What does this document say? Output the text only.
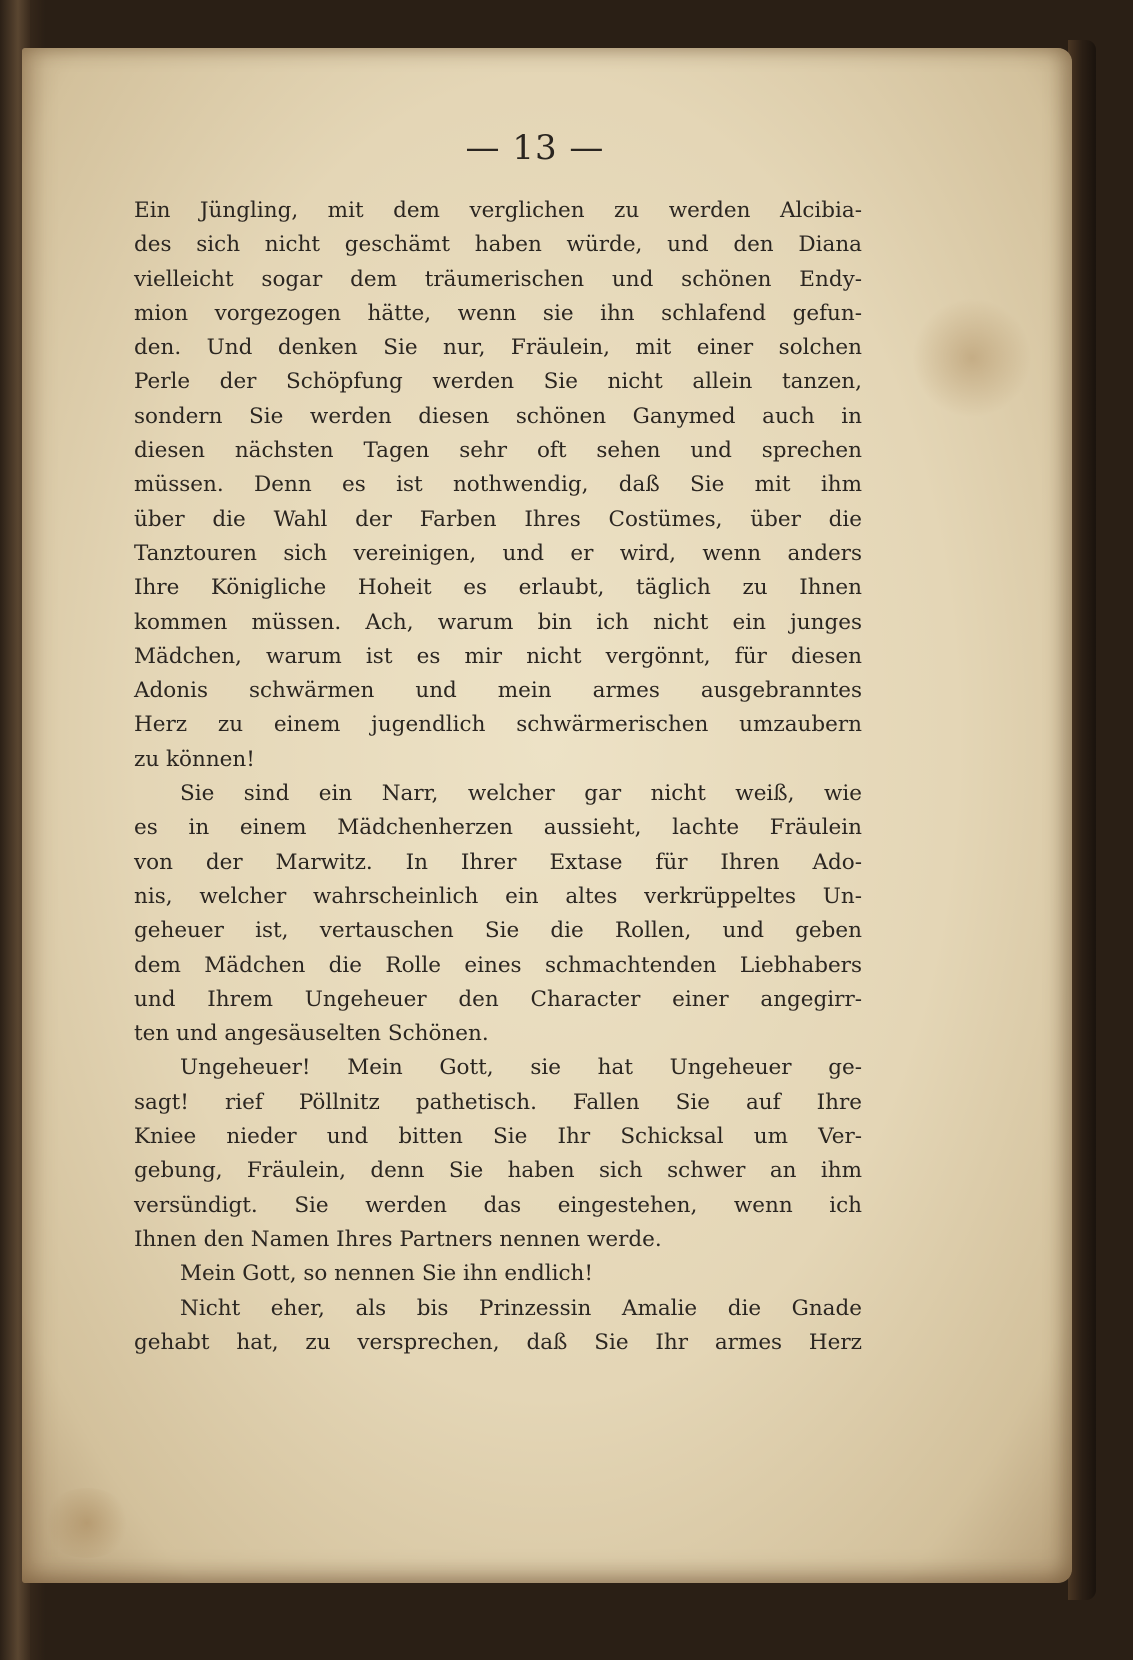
— 13 —
Ein Jüngling, mit dem verglichen zu werden Alcibia-
des sich nicht geschämt haben würde, und den Diana
vielleicht sogar dem träumerischen und schönen Endy-
mion vorgezogen hätte, wenn sie ihn schlafend gefun-
den. Und denken Sie nur, Fräulein, mit einer solchen
Perle der Schöpfung werden Sie nicht allein tanzen,
sondern Sie werden diesen schönen Ganymed auch in
diesen nächsten Tagen sehr oft sehen und sprechen
müssen. Denn es ist nothwendig, daß Sie mit ihm
über die Wahl der Farben Ihres Costümes, über die
Tanztouren sich vereinigen, und er wird, wenn anders
Ihre Königliche Hoheit es erlaubt, täglich zu Ihnen
kommen müssen. Ach, warum bin ich nicht ein junges
Mädchen, warum ist es mir nicht vergönnt, für diesen
Adonis schwärmen und mein armes ausgebranntes
Herz zu einem jugendlich schwärmerischen umzaubern
zu können!
Sie sind ein Narr, welcher gar nicht weiß, wie
es in einem Mädchenherzen aussieht, lachte Fräulein
von der Marwitz. In Ihrer Extase für Ihren Ado-
nis, welcher wahrscheinlich ein altes verkrüppeltes Un-
geheuer ist, vertauschen Sie die Rollen, und geben
dem Mädchen die Rolle eines schmachtenden Liebhabers
und Ihrem Ungeheuer den Character einer angegirr-
ten und angesäuselten Schönen.
Ungeheuer! Mein Gott, sie hat Ungeheuer ge-
sagt! rief Pöllnitz pathetisch. Fallen Sie auf Ihre
Kniee nieder und bitten Sie Ihr Schicksal um Ver-
gebung, Fräulein, denn Sie haben sich schwer an ihm
versündigt. Sie werden das eingestehen, wenn ich
Ihnen den Namen Ihres Partners nennen werde.
Mein Gott, so nennen Sie ihn endlich!
Nicht eher, als bis Prinzessin Amalie die Gnade
gehabt hat, zu versprechen, daß Sie Ihr armes Herz
